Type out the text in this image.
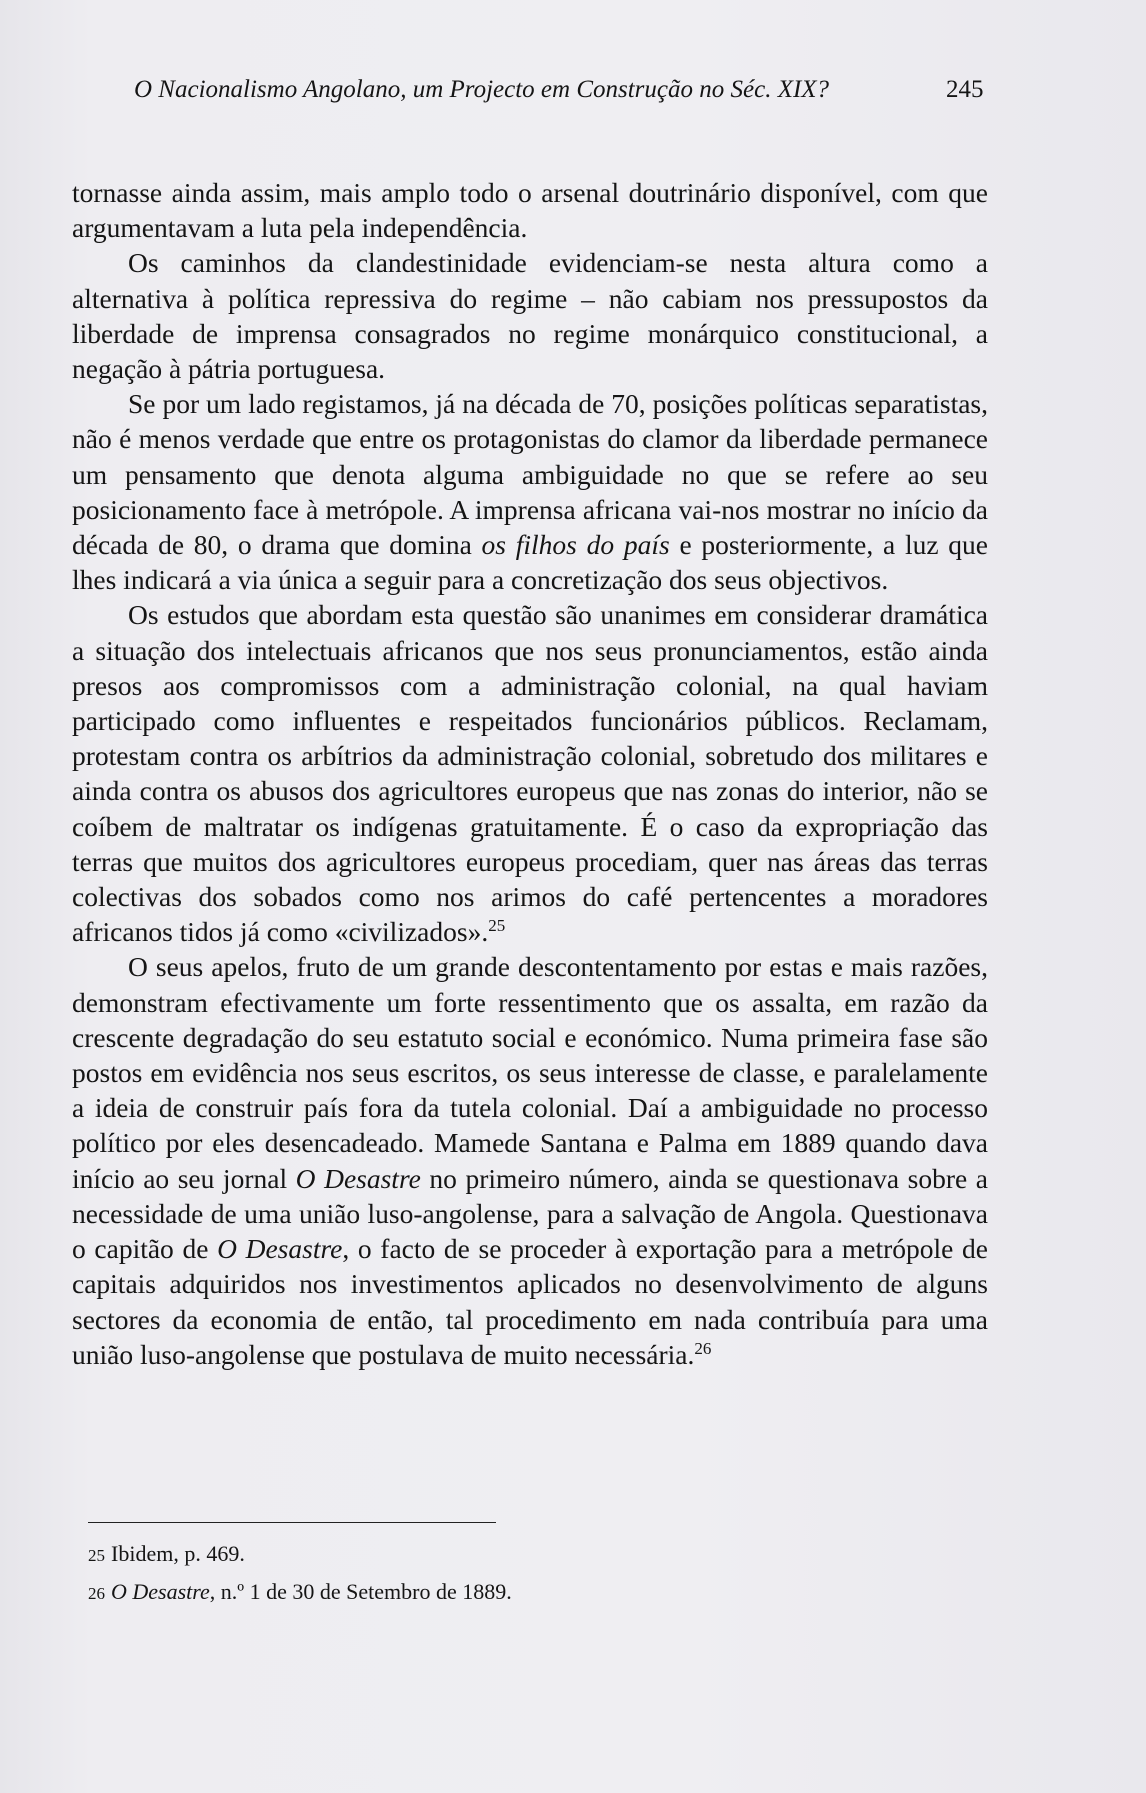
O Nacionalismo Angolano, um Projecto em Construção no Séc. XIX?	245

tornasse ainda assim, mais amplo todo o arsenal doutrinário disponível, com que argumentavam a luta pela independência.

Os caminhos da clandestinidade evidenciam-se nesta altura como a alternativa à política repressiva do regime – não cabiam nos pressupostos da liberdade de imprensa consagrados no regime monárquico constitucional, a negação à pátria portuguesa.

Se por um lado registamos, já na década de 70, posições políticas separatistas, não é menos verdade que entre os protagonistas do clamor da liberdade permanece um pensamento que denota alguma ambiguidade no que se refere ao seu posicionamento face à metrópole. A imprensa africana vai-nos mostrar no início da década de 80, o drama que domina os filhos do país e posteriormente, a luz que lhes indicará a via única a seguir para a concretização dos seus objectivos.

Os estudos que abordam esta questão são unanimes em considerar dramática a situação dos intelectuais africanos que nos seus pronunciamentos, estão ainda presos aos compromissos com a administração colonial, na qual haviam participado como influentes e respeitados funcionários públicos. Reclamam, protestam contra os arbítrios da administração colonial, sobretudo dos militares e ainda contra os abusos dos agricultores europeus que nas zonas do interior, não se coíbem de maltratar os indígenas gratuitamente. É o caso da expropriação das terras que muitos dos agricultores europeus procediam, quer nas áreas das terras colectivas dos sobados como nos arimos do café pertencentes a moradores africanos tidos já como «civilizados».$^{25}$

O seus apelos, fruto de um grande descontentamento por estas e mais razões, demonstram efectivamente um forte ressentimento que os assalta, em razão da crescente degradação do seu estatuto social e económico. Numa primeira fase são postos em evidência nos seus escritos, os seus interesse de classe, e paralelamente a ideia de construir país fora da tutela colonial. Daí a ambiguidade no processo político por eles desencadeado. Mamede Santana e Palma em 1889 quando dava início ao seu jornal O Desastre no primeiro número, ainda se questionava sobre a necessidade de uma união luso-angolense, para a salvação de Angola. Questionava o capitão de O Desastre, o facto de se proceder à exportação para a metrópole de capitais adquiridos nos investimentos aplicados no desenvolvimento de alguns sectores da economia de então, tal procedimento em nada contribuía para uma união luso-angolense que postulava de muito necessária.$^{26}$

25 Ibidem, p. 469.
26 O Desastre, n.º 1 de 30 de Setembro de 1889.
